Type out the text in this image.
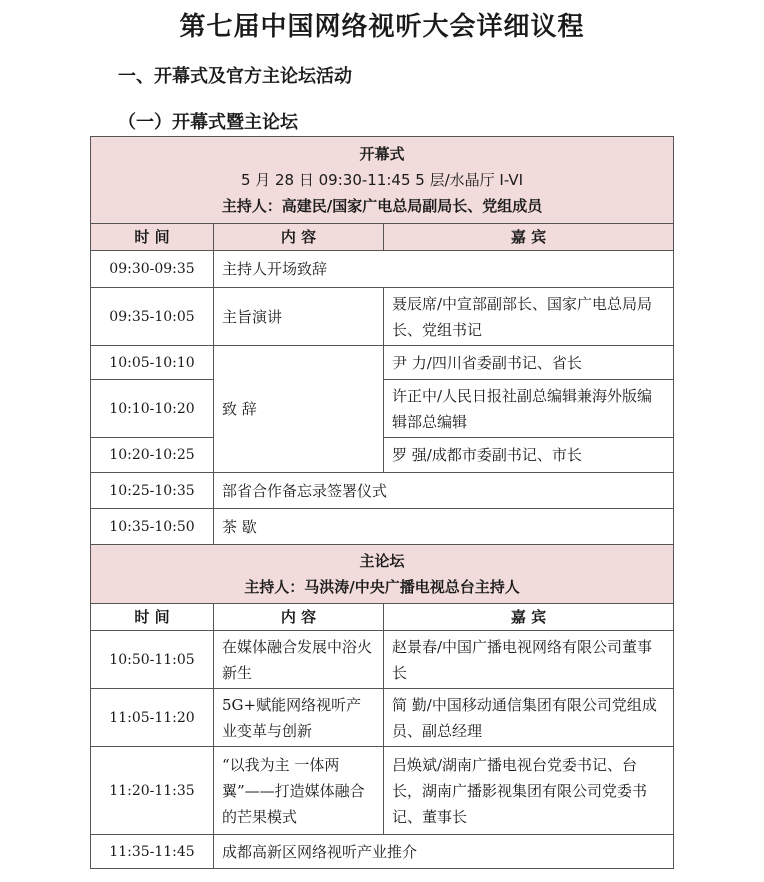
第七届中国网络视听大会详细议程
一、开幕式及官方主论坛活动
（一）开幕式暨主论坛
开幕式
5 月 28 日 09:30-11:45 5 层/水晶厅 I-VI
主持人：高建民/国家广电总局副局长、党组成员		

时 间	内 容	嘉 宾
09:30-09:35	主持人开场致辞	
09:35-10:05	主旨演讲	聂辰席/中宣部副部长、国家广电总局局长、党组书记
10:05-10:10	致 辞	尹 力/四川省委副书记、省长
10:10-10:20		许正中/人民日报社副总编辑兼海外版编辑部总编辑
10:20-10:25		罗 强/成都市委副书记、市长
10:25-10:35	部省合作备忘录签署仪式	
10:35-10:50	茶 歇	

主论坛
主持人：马洪涛/中央广播电视总台主持人		

时 间	内 容	嘉 宾
10:50-11:05	在媒体融合发展中浴火新生	赵景春/中国广播电视网络有限公司董事长
11:05-11:20	5G+赋能网络视听产业变革与创新	简 勤/中国移动通信集团有限公司党组成员、副总经理
11:20-11:35	“以我为主 一体两翼”——打造媒体融合的芒果模式	吕焕斌/湖南广播电视台党委书记、台长，湖南广播影视集团有限公司党委书记、董事长
11:35-11:45	成都高新区网络视听产业推介	
